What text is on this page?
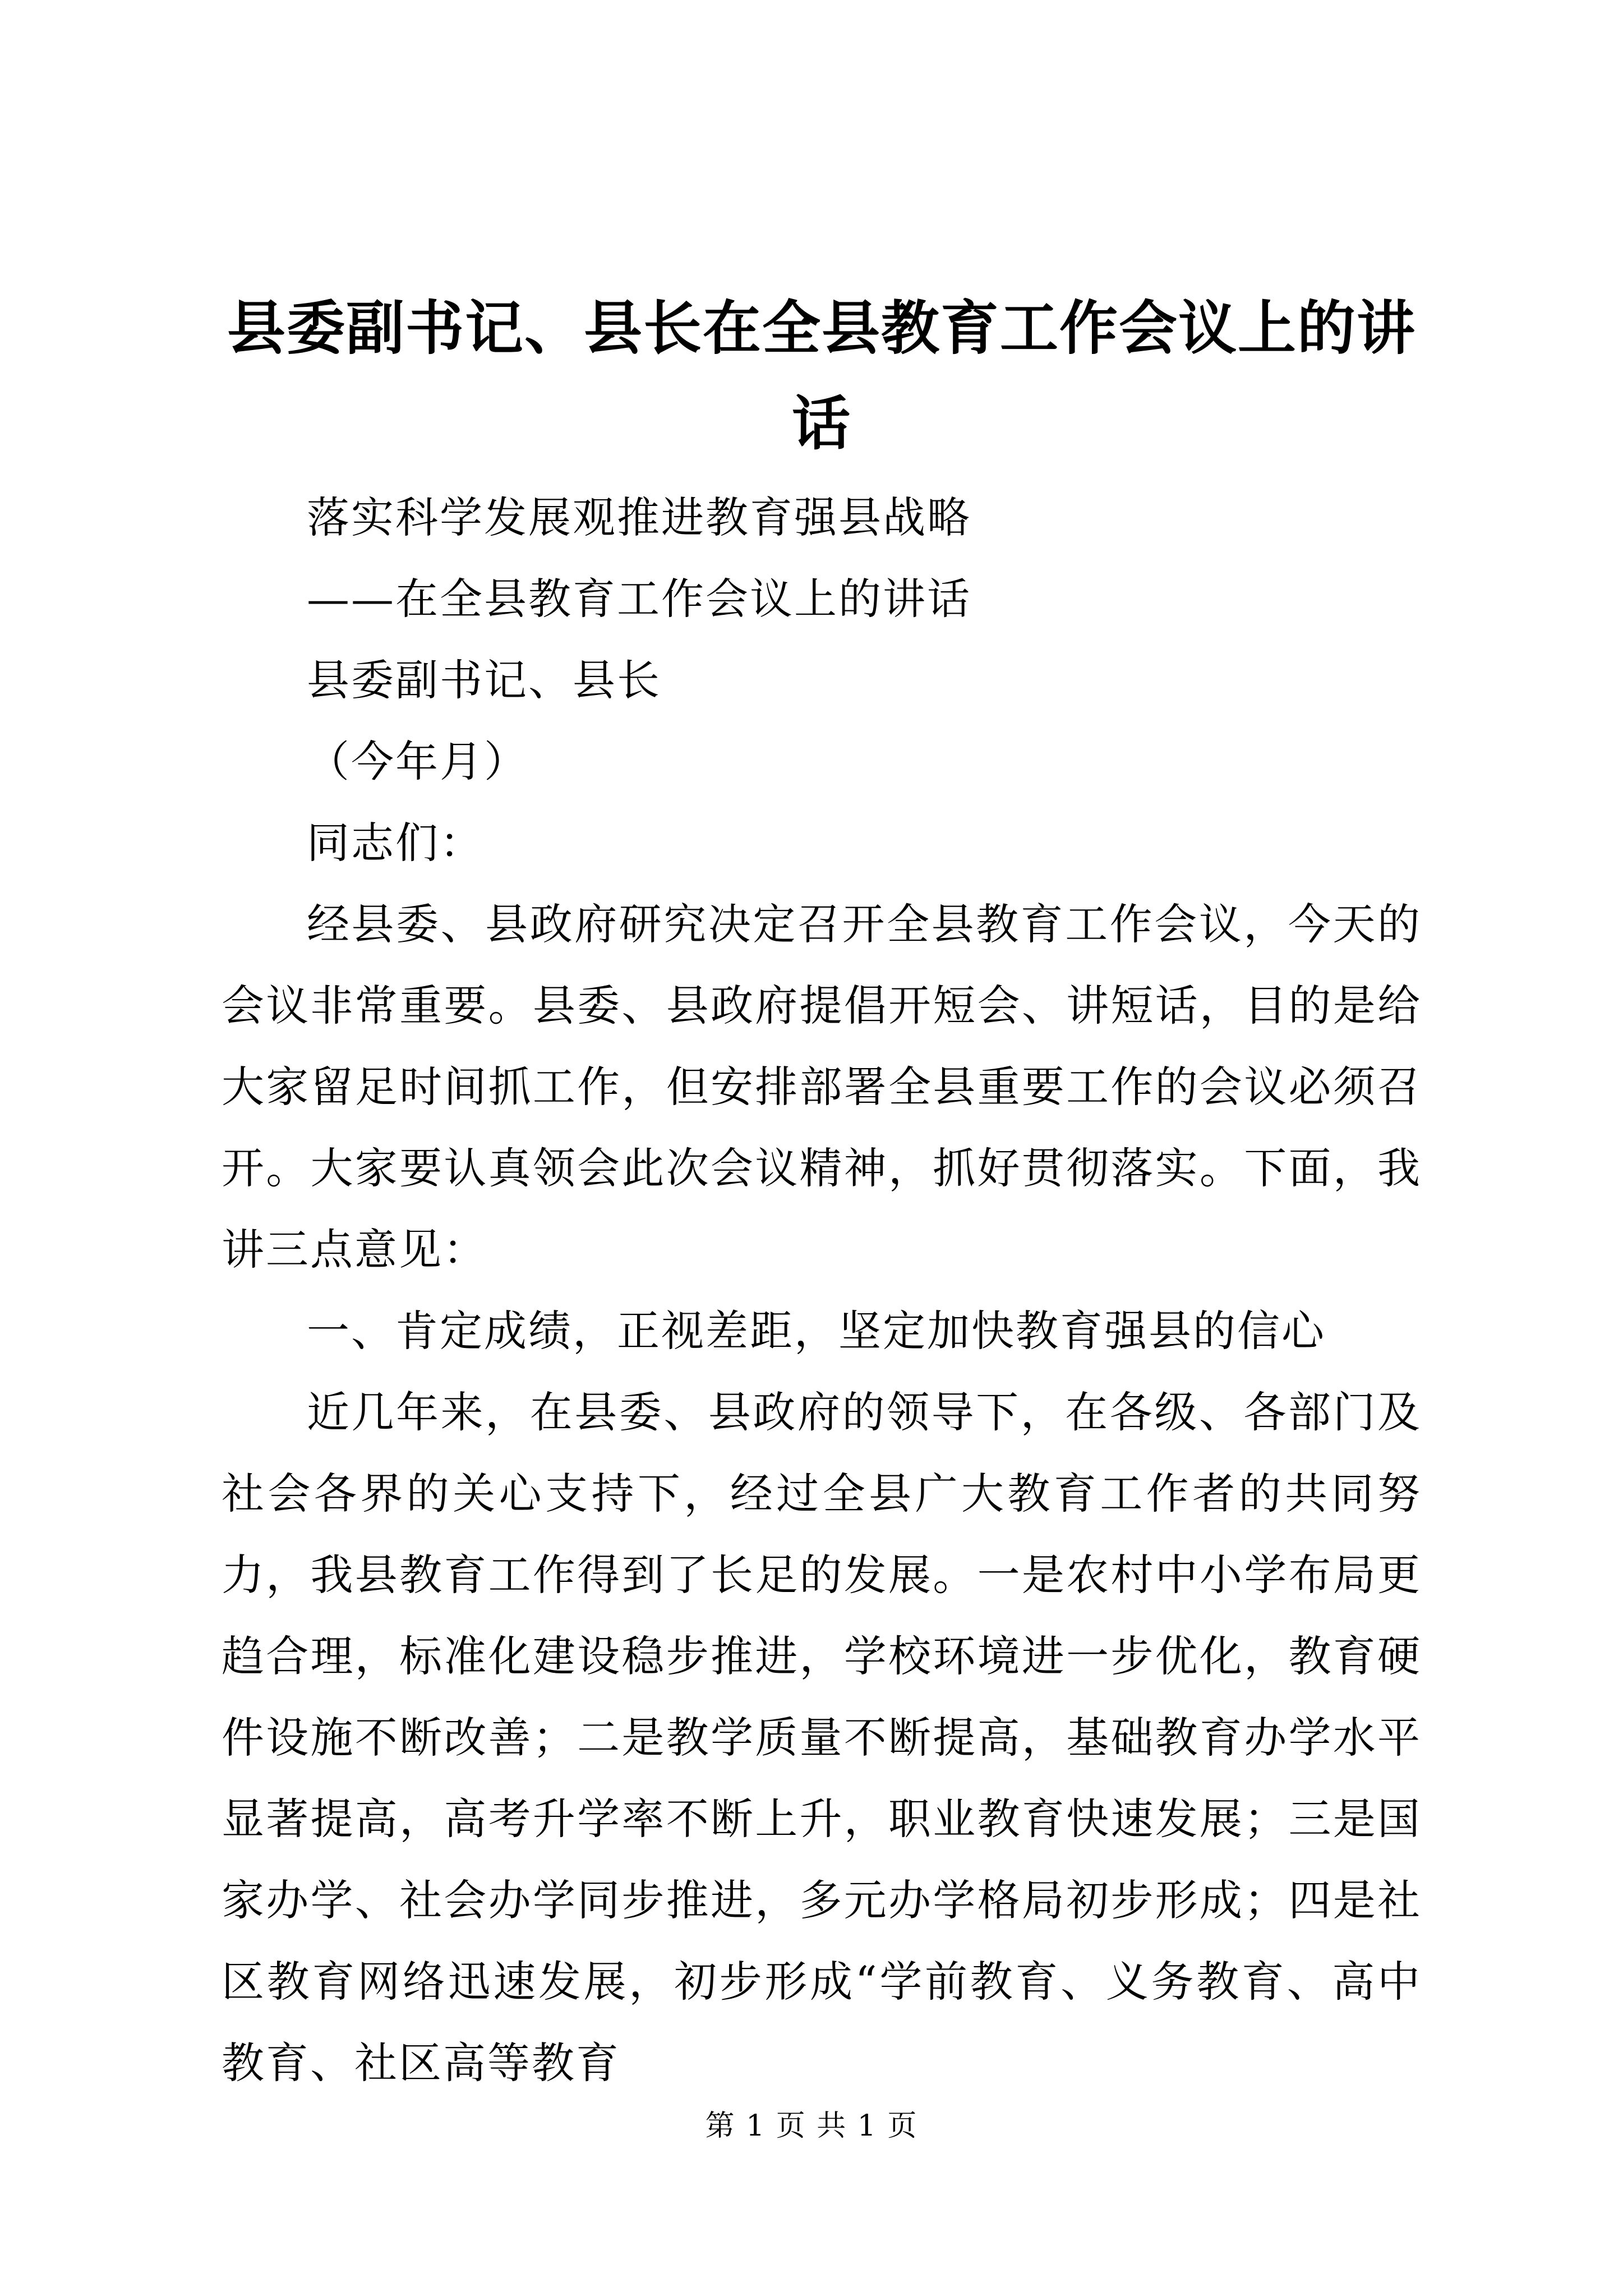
县委副书记、县长在全县教育工作会议上的讲话

落实科学发展观推进教育强县战略

——在全县教育工作会议上的讲话

县委副书记、县长

（今年月）

同志们：

经县委、县政府研究决定召开全县教育工作会议，今天的会议非常重要。县委、县政府提倡开短会、讲短话，目的是给大家留足时间抓工作，但安排部署全县重要工作的会议必须召开。大家要认真领会此次会议精神，抓好贯彻落实。下面，我讲三点意见：

一、肯定成绩，正视差距，坚定加快教育强县的信心

近几年来，在县委、县政府的领导下，在各级、各部门及社会各界的关心支持下，经过全县广大教育工作者的共同努力，我县教育工作得到了长足的发展。一是农村中小学布局更趋合理，标准化建设稳步推进，学校环境进一步优化，教育硬件设施不断改善；二是教学质量不断提高，基础教育办学水平显著提高，高考升学率不断上升，职业教育快速发展；三是国家办学、社会办学同步推进，多元办学格局初步形成；四是社区教育网络迅速发展，初步形成“学前教育、义务教育、高中教育、社区高等教育

第 1 页 共 1 页
